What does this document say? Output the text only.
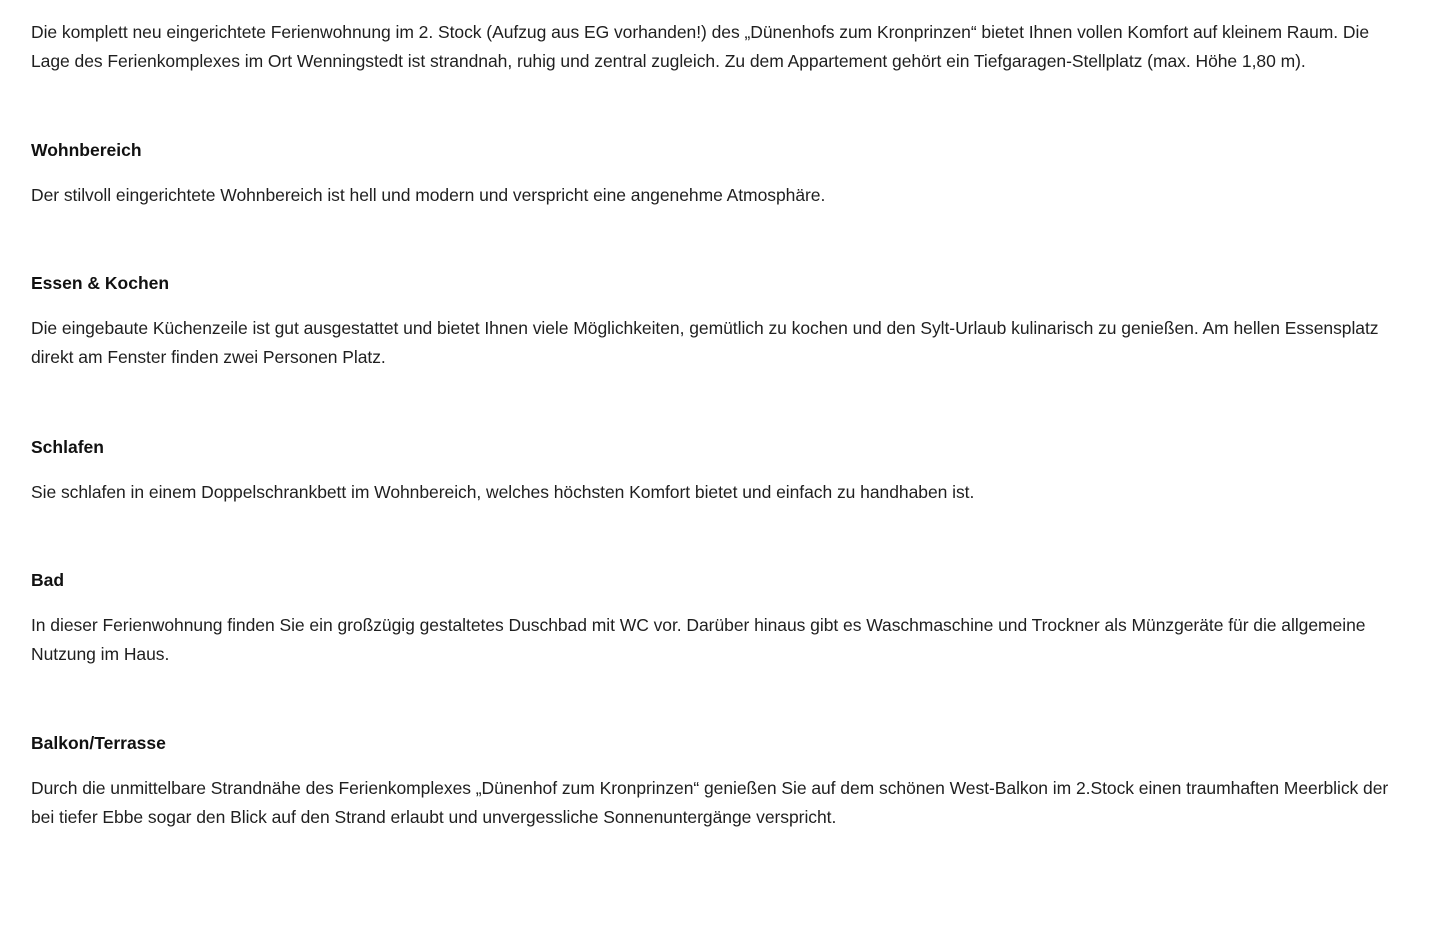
Die komplett neu eingerichtete Ferienwohnung im 2. Stock (Aufzug aus EG vorhanden!) des „Dünenhofs zum Kronprinzen“ bietet Ihnen vollen Komfort auf kleinem Raum. Die Lage des Ferienkomplexes im Ort Wenningstedt ist strandnah, ruhig und zentral zugleich. Zu dem Appartement gehört ein Tiefgaragen-Stellplatz (max. Höhe 1,80 m).

Wohnbereich

Der stilvoll eingerichtete Wohnbereich ist hell und modern und verspricht eine angenehme Atmosphäre.

Essen & Kochen

Die eingebaute Küchenzeile ist gut ausgestattet und bietet Ihnen viele Möglichkeiten, gemütlich zu kochen und den Sylt-Urlaub kulinarisch zu genießen. Am hellen Essensplatz direkt am Fenster finden zwei Personen Platz.

Schlafen

Sie schlafen in einem Doppelschrankbett im Wohnbereich, welches höchsten Komfort bietet und einfach zu handhaben ist.

Bad

In dieser Ferienwohnung finden Sie ein großzügig gestaltetes Duschbad mit WC vor. Darüber hinaus gibt es Waschmaschine und Trockner als Münzgeräte für die allgemeine Nutzung im Haus.

Balkon/Terrasse

Durch die unmittelbare Strandnähe des Ferienkomplexes „Dünenhof zum Kronprinzen“ genießen Sie auf dem schönen West-Balkon im 2.Stock einen traumhaften Meerblick der bei tiefer Ebbe sogar den Blick auf den Strand erlaubt und unvergessliche Sonnenuntergänge verspricht.
